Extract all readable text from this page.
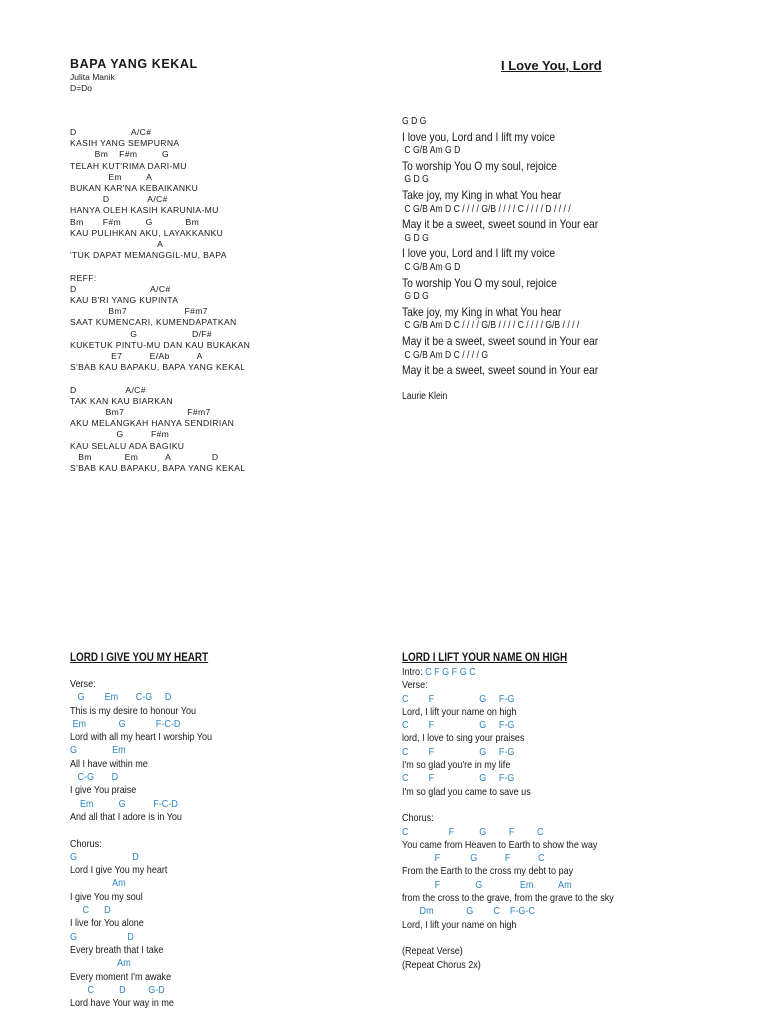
BAPA YANG KEKAL
Julita Manik
D=Do
D                    A/C#
KASIH YANG SEMPURNA
Bm    F#m         G
TELAH KUT'RIMA DARI-MU
Em         A
BUKAN KAR'NA KEBAIKANKU
D              A/C#
HANYA OLEH KASIH KARUNIA-MU
Bm       F#m         G            Bm
KAU PULIHKAN AKU, LAYAKKANKU
A
'TUK DAPAT MEMANGGIL-MU, BAPA
REFF:
D                           A/C#
KAU B'RI YANG KUPINTA
Bm7                     F#m7
SAAT KUMENCARI, KUMENDAPATKAN
G                    D/F#
KUKETUK PINTU-MU DAN KAU BUKAKAN
E7          E/Ab          A
S'BAB KAU BAPAKU, BAPA YANG KEKAL
D                  A/C#
TAK KAN KAU BIARKAN
Bm7                       F#m7
AKU MELANGKAH HANYA SENDIRIAN
G          F#m
KAU SELALU ADA BAGIKU
Bm            Em          A               D
S'BAB KAU BAPAKU, BAPA YANG KEKAL
I Love You, Lord
G D G
I love you, Lord and I lift my voice
C G/B Am G D
To worship You O my soul, rejoice
G D G
Take joy, my King in what You hear
C G/B Am D C / / / / G/B / / / / C / / / / D / / / /
May it be a sweet, sweet sound in Your ear
G D G
I love you, Lord and I lift my voice
C G/B Am G D
To worship You O my soul, rejoice
G D G
Take joy, my King in what You hear
C G/B Am D C / / / / G/B / / / / C / / / / G/B / / / /
May it be a sweet, sweet sound in Your ear
C G/B Am D C / / / / G
May it be a sweet, sweet sound in Your ear
Laurie Klein
LORD I GIVE YOU MY HEART
Verse:
G        Em       C-G     D
This is my desire to honour You
Em             G            F-C-D
Lord with all my heart I worship You
G              Em
All I have within me
C-G       D
I give You praise
Em          G           F-C-D
And all that I adore is in You
Chorus:
G                      D
Lord I give You my heart
Am
I give You my soul
C      D
I live for You alone
G                    D
Every breath that I take
Am
Every moment I'm awake
C          D         G-D
Lord have Your way in me
LORD I LIFT YOUR NAME ON HIGH
Intro: C F G F G C
Verse:
C        F                  G     F-G
Lord, I lift your name on high
C        F                  G     F-G
lord, I love to sing your praises
C        F                  G     F-G
I'm so glad you're in my life
C        F                  G     F-G
I'm so glad you came to save us
Chorus:
C                F          G         F         C
You came from Heaven to Earth to show the way
F            G           F           C
From the Earth to the cross my debt to pay
F              G               Em          Am
from the cross to the grave, from the grave to the sky
Dm             G        C    F-G-C
Lord, I lift your name on high
(Repeat Verse)
(Repeat Chorus 2x)
